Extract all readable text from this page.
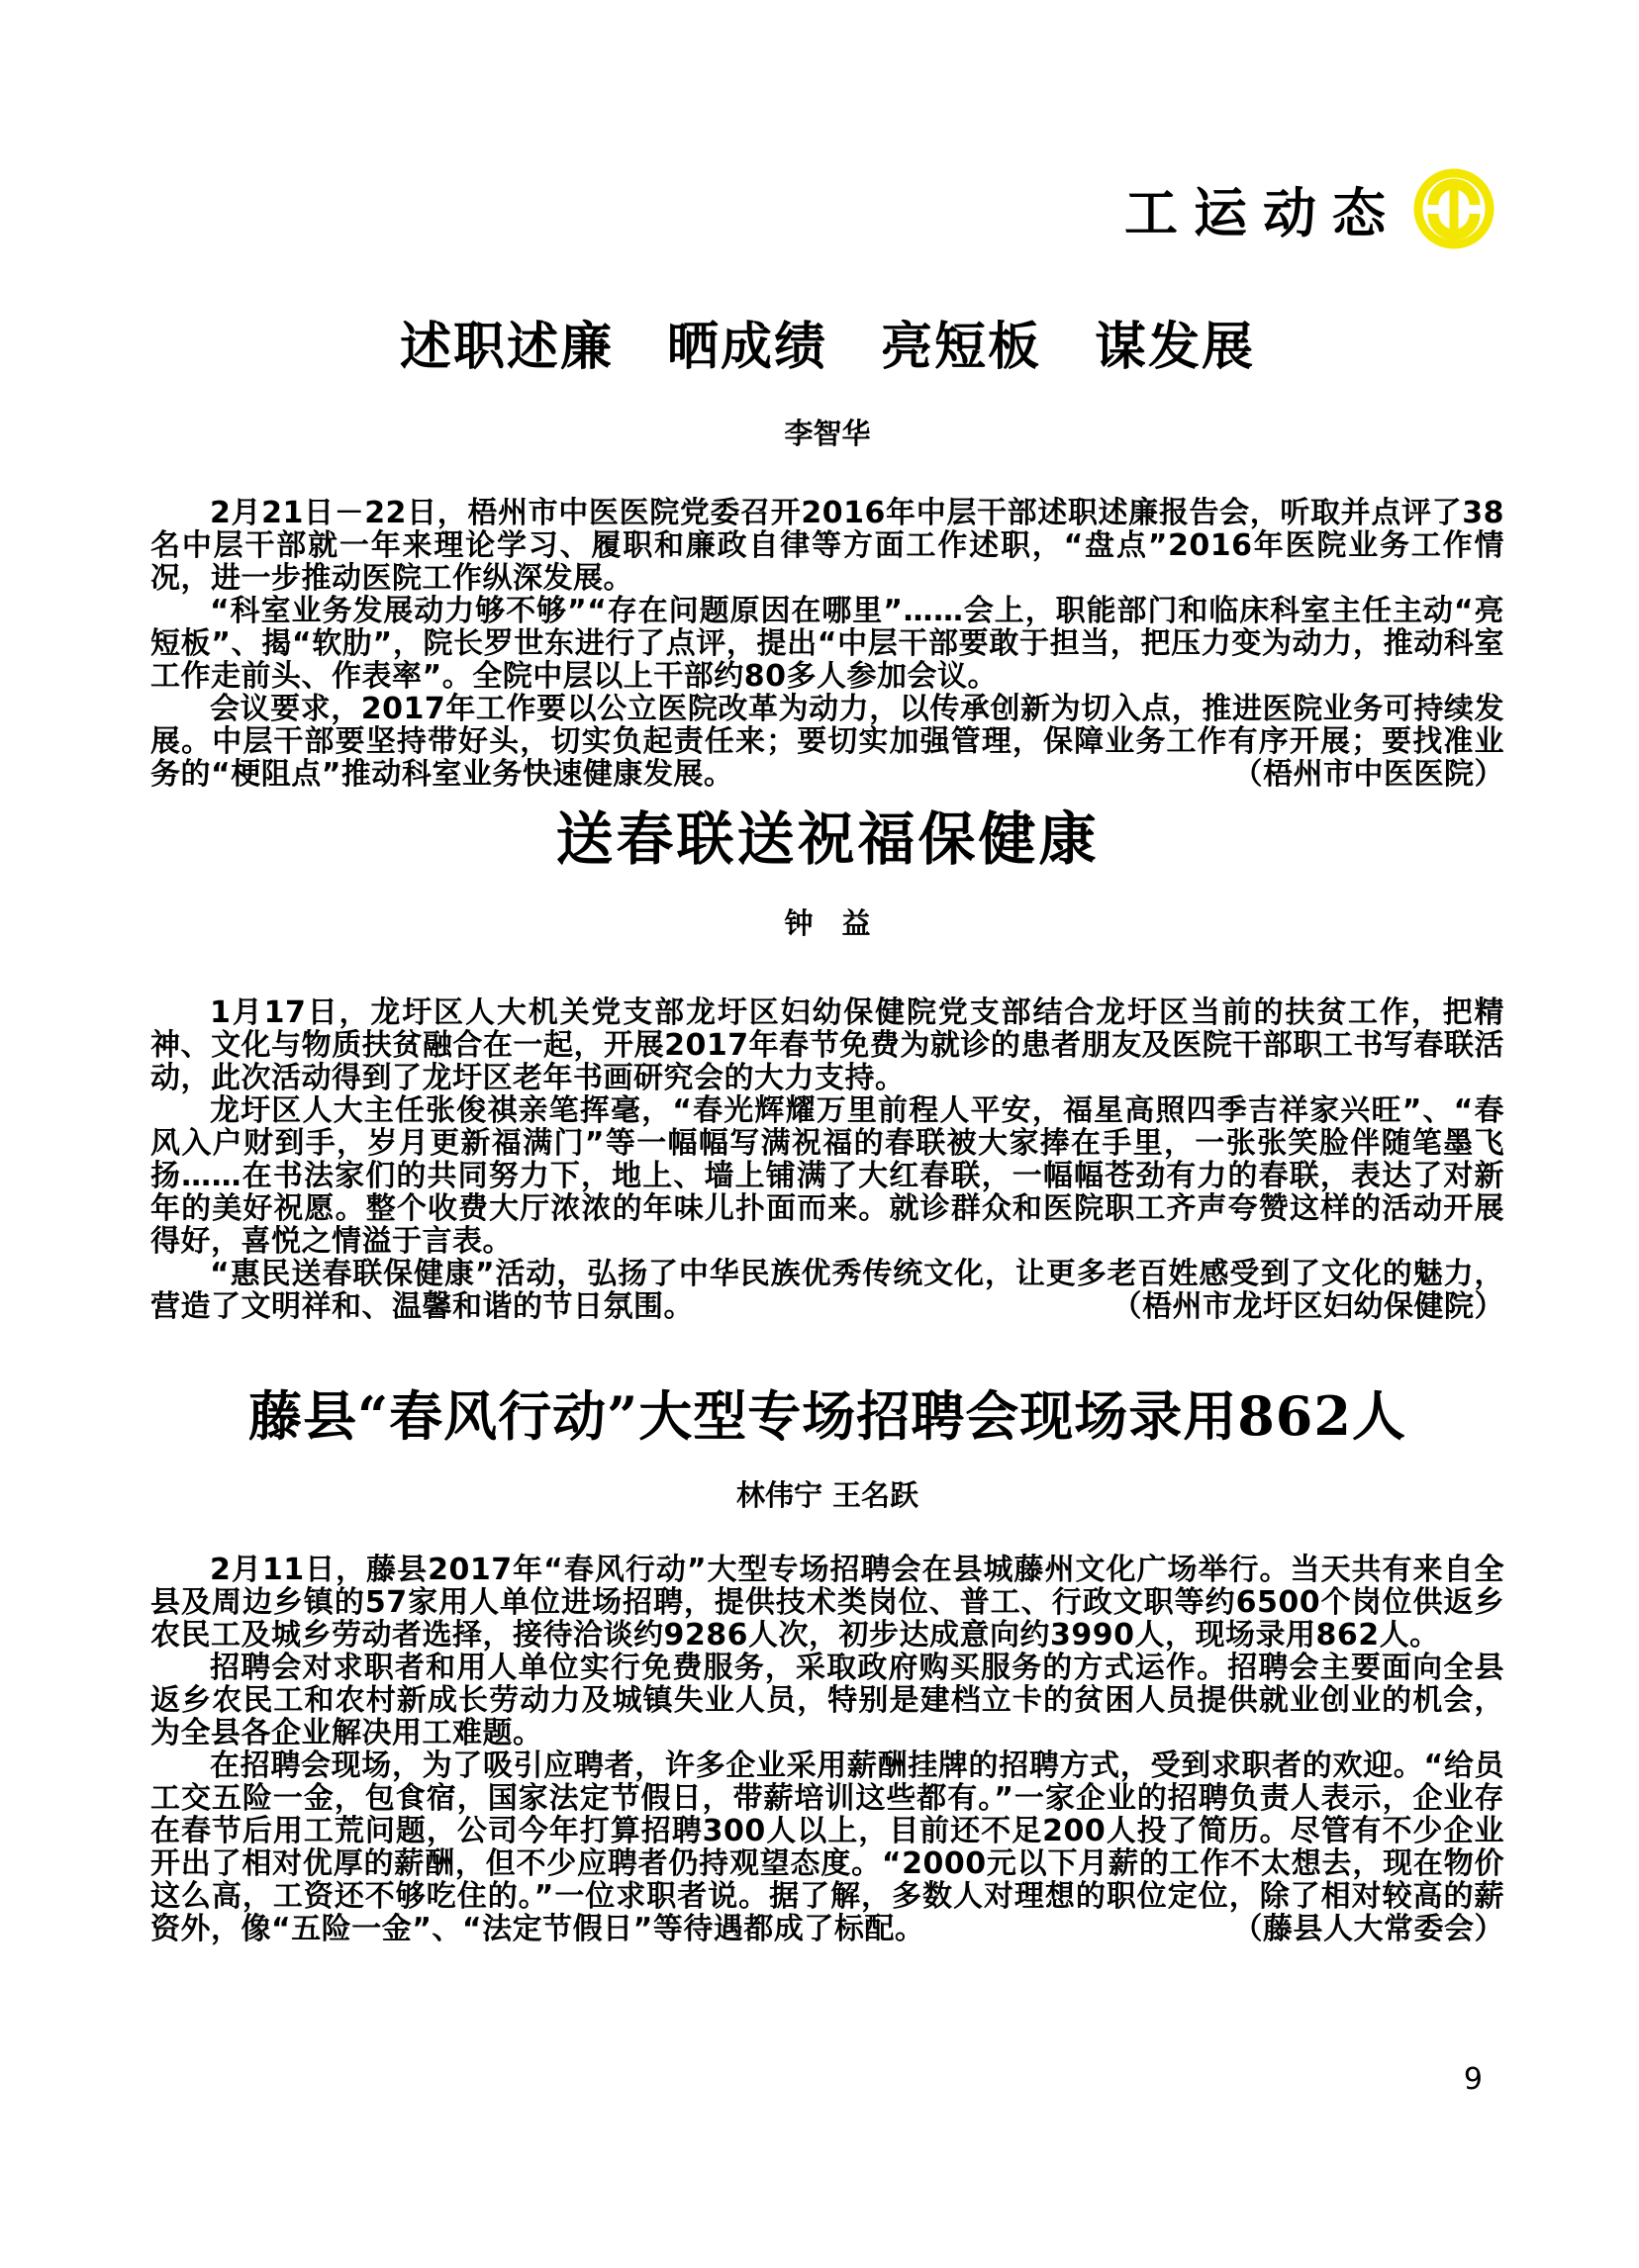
工运动态
述职述廉　晒成绩　亮短板　谋发展
李智华

2月21日－22日，梧州市中医医院党委召开2016年中层干部述职述廉报告会，听取并点评了38名中层干部就一年来理论学习、履职和廉政自律等方面工作述职，“盘点”2016年医院业务工作情况，进一步推动医院工作纵深发展。

“科室业务发展动力够不够”“存在问题原因在哪里”……会上，职能部门和临床科室主任主动“亮短板”、揭“软肋”，院长罗世东进行了点评，提出“中层干部要敢于担当，把压力变为动力，推动科室工作走前头、作表率”。全院中层以上干部约80多人参加会议。

会议要求，2017年工作要以公立医院改革为动力，以传承创新为切入点，推进医院业务可持续发展。中层干部要坚持带好头，切实负起责任来；要切实加强管理，保障业务工作有序开展；要找准业务的“梗阻点”推动科室业务快速健康发展。	（梧州市中医医院）

送春联送祝福保健康
钟　益

1月17日，龙圩区人大机关党支部龙圩区妇幼保健院党支部结合龙圩区当前的扶贫工作，把精神、文化与物质扶贫融合在一起，开展2017年春节免费为就诊的患者朋友及医院干部职工书写春联活动，此次活动得到了龙圩区老年书画研究会的大力支持。

龙圩区人大主任张俊祺亲笔挥毫，“春光辉耀万里前程人平安，福星高照四季吉祥家兴旺”、“春风入户财到手，岁月更新福满门”等一幅幅写满祝福的春联被大家捧在手里，一张张笑脸伴随笔墨飞扬……在书法家们的共同努力下，地上、墙上铺满了大红春联，一幅幅苍劲有力的春联，表达了对新年的美好祝愿。整个收费大厅浓浓的年味儿扑面而来。就诊群众和医院职工齐声夸赞这样的活动开展得好，喜悦之情溢于言表。

“惠民送春联保健康”活动，弘扬了中华民族优秀传统文化，让更多老百姓感受到了文化的魅力，营造了文明祥和、温馨和谐的节日氛围。	（梧州市龙圩区妇幼保健院）

藤县“春风行动”大型专场招聘会现场录用862人
林伟宁 王名跃

2月11日，藤县2017年“春风行动”大型专场招聘会在县城藤州文化广场举行。当天共有来自全县及周边乡镇的57家用人单位进场招聘，提供技术类岗位、普工、行政文职等约6500个岗位供返乡农民工及城乡劳动者选择，接待洽谈约9286人次，初步达成意向约3990人，现场录用862人。

招聘会对求职者和用人单位实行免费服务，采取政府购买服务的方式运作。招聘会主要面向全县返乡农民工和农村新成长劳动力及城镇失业人员，特别是建档立卡的贫困人员提供就业创业的机会，为全县各企业解决用工难题。

在招聘会现场，为了吸引应聘者，许多企业采用薪酬挂牌的招聘方式，受到求职者的欢迎。“给员工交五险一金，包食宿，国家法定节假日，带薪培训这些都有。”一家企业的招聘负责人表示，企业存在春节后用工荒问题，公司今年打算招聘300人以上，目前还不足200人投了简历。尽管有不少企业开出了相对优厚的薪酬，但不少应聘者仍持观望态度。“2000元以下月薪的工作不太想去，现在物价这么高，工资还不够吃住的。”一位求职者说。据了解，多数人对理想的职位定位，除了相对较高的薪资外，像“五险一金”、“法定节假日”等待遇都成了标配。	（藤县人大常委会）

9
